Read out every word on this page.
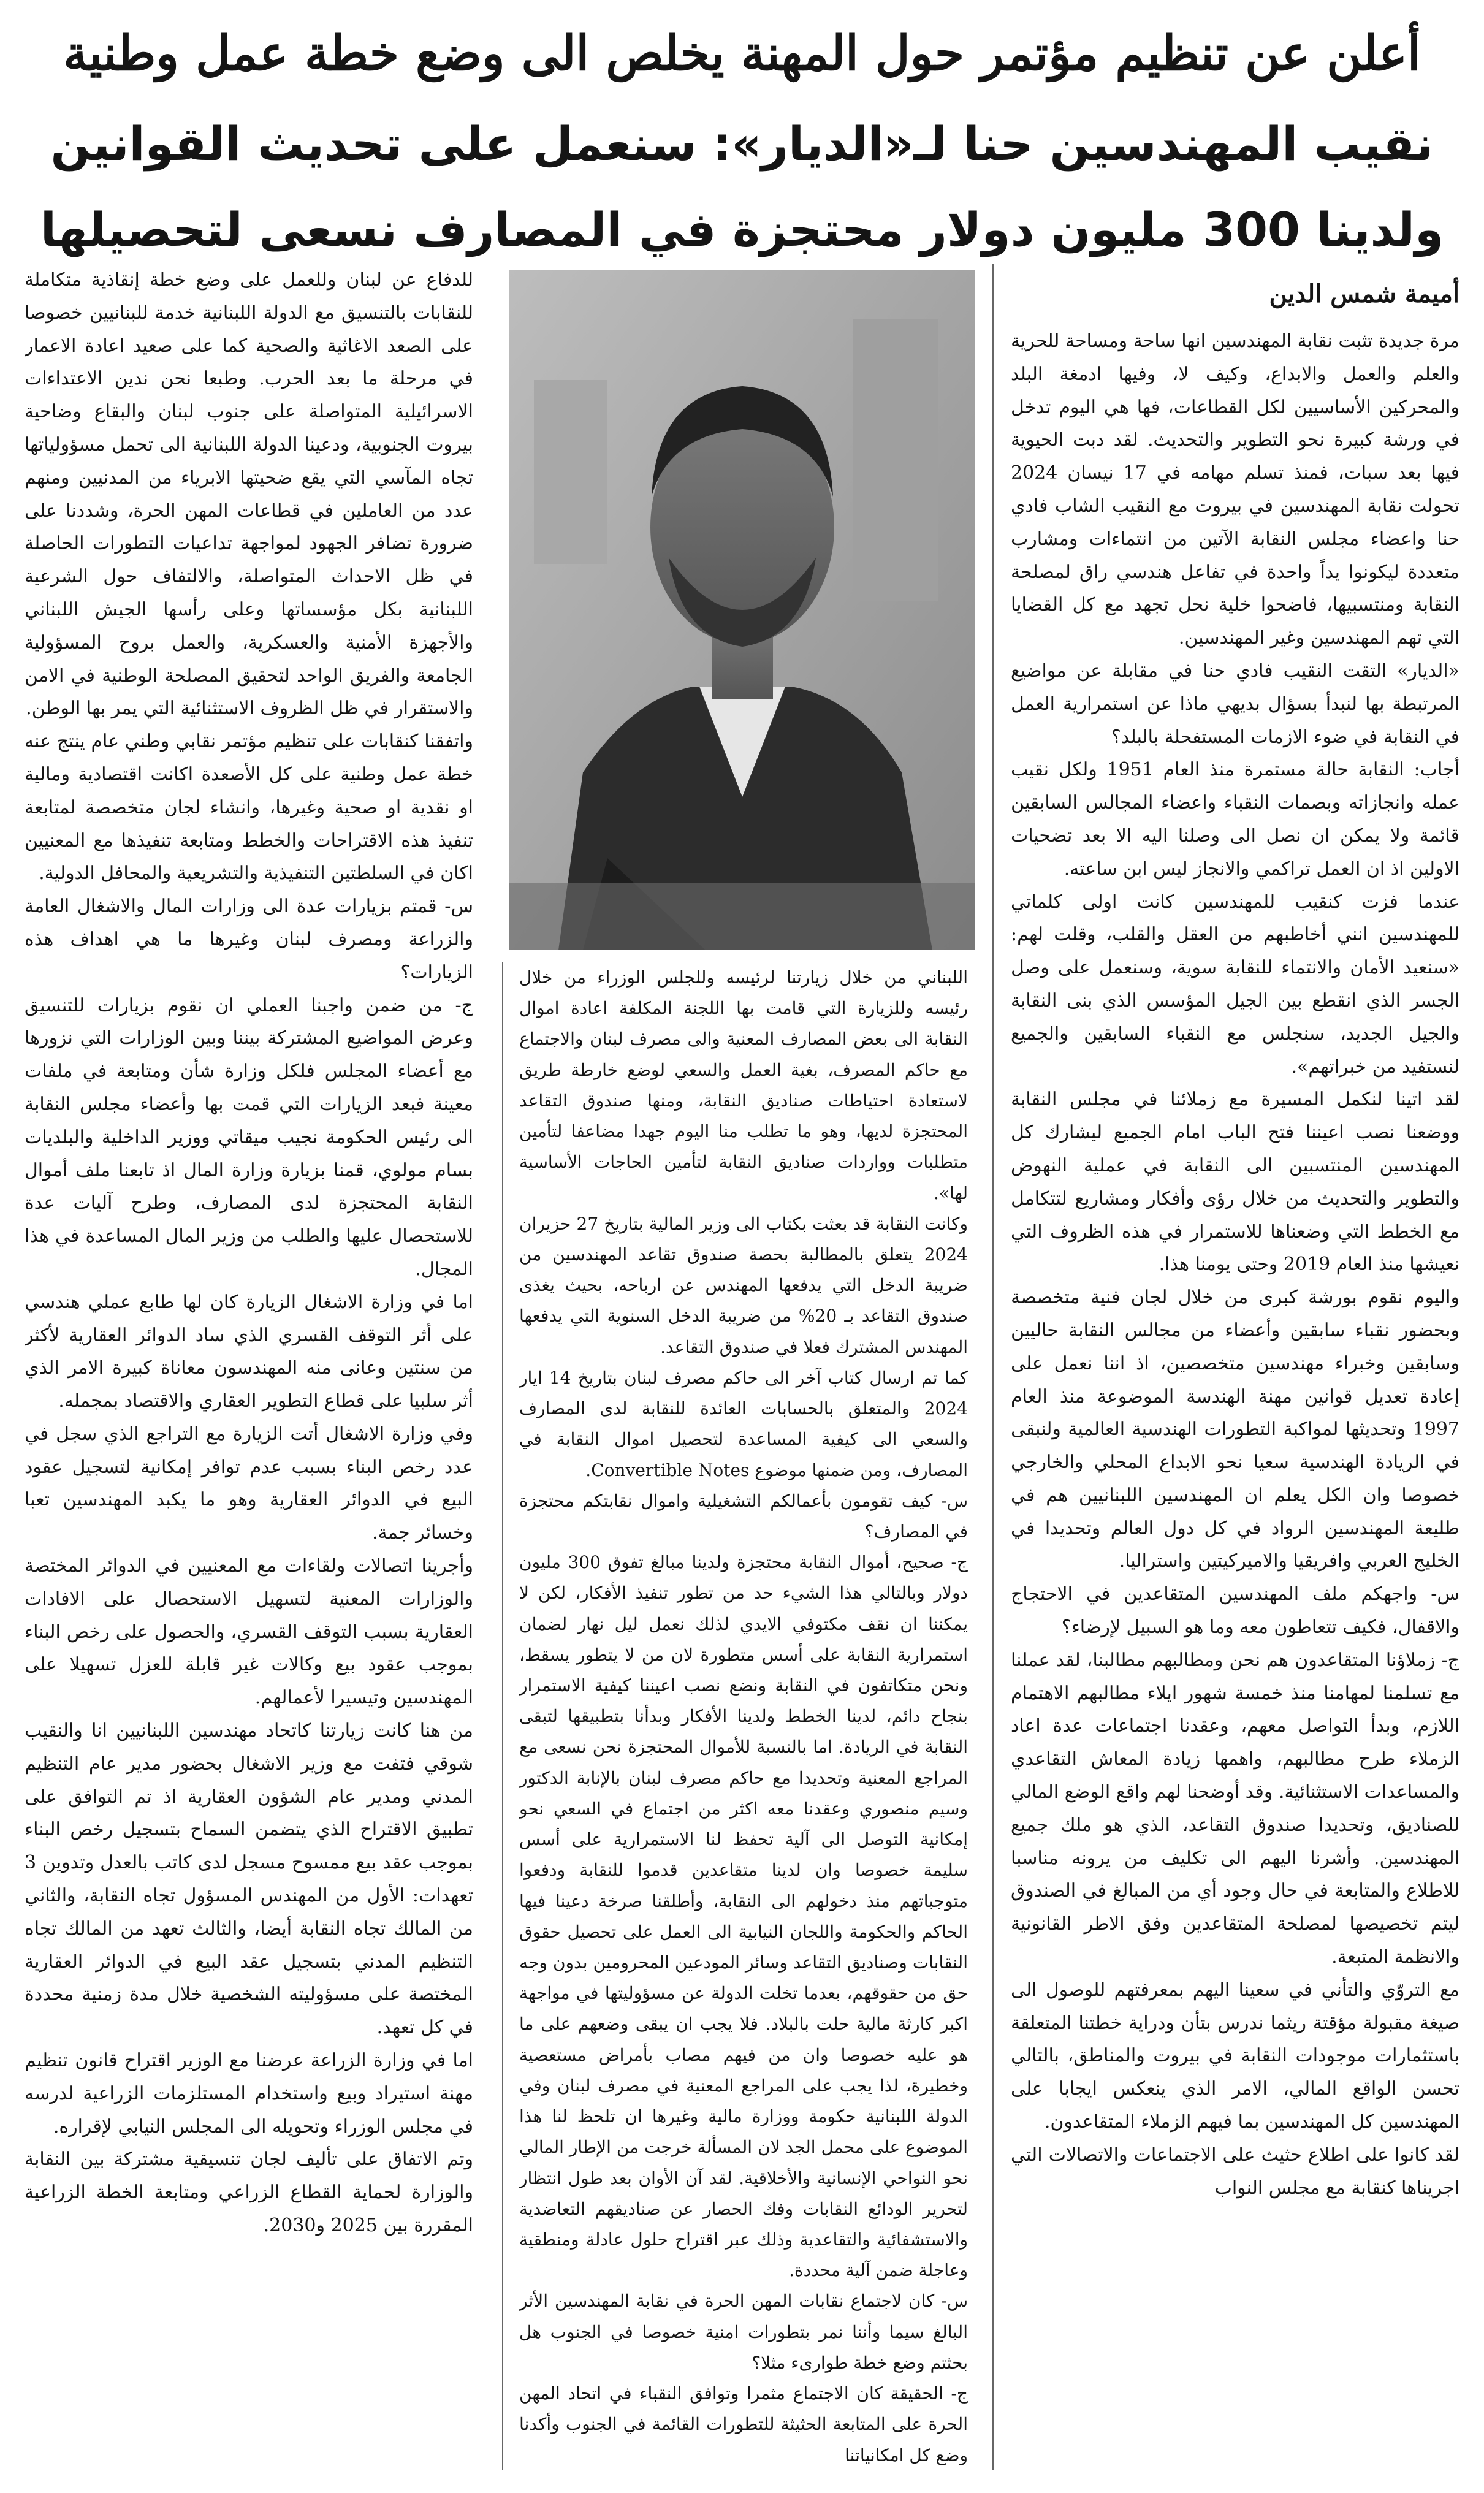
أعلن عن تنظيم مؤتمر حول المهنة يخلص الى وضع خطة عمل وطنية
نقيب المهندسين حنا لـ«الديار»: سنعمل على تحديث القوانين
ولدينا 300 مليون دولار محتجزة في المصارف نسعى لتحصيلها
أميمة شمس الدين

مرة جديدة تثبت نقابة المهندسين انها ساحة ومساحة للحرية والعلم والعمل والابداع، وكيف لا، وفيها ادمغة البلد والمحركين الأساسيين لكل القطاعات، فها هي اليوم تدخل في ورشة كبيرة نحو التطوير والتحديث. لقد دبت الحيوية فيها بعد سبات، فمنذ تسلم مهامه في 17 نيسان 2024 تحولت نقابة المهندسين في بيروت مع النقيب الشاب فادي حنا واعضاء مجلس النقابة الآتين من انتماءات ومشارب متعددة ليكونوا يداً واحدة في تفاعل هندسي راق لمصلحة النقابة ومنتسبيها، فاضحوا خلية نحل تجهد مع كل القضايا التي تهم المهندسين وغير المهندسين.

«الديار» التقت النقيب فادي حنا في مقابلة عن مواضيع المرتبطة بها لنبدأ بسؤال بديهي ماذا عن استمرارية العمل في النقابة في ضوء الازمات المستفحلة بالبلد؟

أجاب: النقابة حالة مستمرة منذ العام 1951 ولكل نقيب عمله وانجازاته وبصمات النقباء واعضاء المجالس السابقين قائمة ولا يمكن ان نصل الى وصلنا اليه الا بعد تضحيات الاولين اذ ان العمل تراكمي والانجاز ليس ابن ساعته.

عندما فزت كنقيب للمهندسين كانت اولى كلماتي للمهندسين انني أخاطبهم من العقل والقلب، وقلت لهم: «سنعيد الأمان والانتماء للنقابة سوية، وسنعمل على وصل الجسر الذي انقطع بين الجيل المؤسس الذي بنى النقابة والجيل الجديد، سنجلس مع النقباء السابقين والجميع لنستفيد من خبراتهم».

لقد اتينا لنكمل المسيرة مع زملائنا في مجلس النقابة ووضعنا نصب اعيننا فتح الباب امام الجميع ليشارك كل المهندسين المنتسبين الى النقابة في عملية النهوض والتطوير والتحديث من خلال رؤى وأفكار ومشاريع لتتكامل مع الخطط التي وضعناها للاستمرار في هذه الظروف التي نعيشها منذ العام 2019 وحتى يومنا هذا.

واليوم نقوم بورشة كبرى من خلال لجان فنية متخصصة وبحضور نقباء سابقين وأعضاء من مجالس النقابة حاليين وسابقين وخبراء مهندسين متخصصين، اذ اننا نعمل على إعادة تعديل قوانين مهنة الهندسة الموضوعة منذ العام 1997 وتحديثها لمواكبة التطورات الهندسية العالمية ولنبقى في الريادة الهندسية سعيا نحو الابداع المحلي والخارجي خصوصا وان الكل يعلم ان المهندسين اللبنانيين هم في طليعة المهندسين الرواد في كل دول العالم وتحديدا في الخليج العربي وافريقيا والاميركيتين واستراليا.

س- واجهكم ملف المهندسين المتقاعدين في الاحتجاج والاقفال، فكيف تتعاطون معه وما هو السبيل لإرضاء؟

ج- زملاؤنا المتقاعدون هم نحن ومطالبهم مطالبنا، لقد عملنا مع تسلمنا لمهامنا منذ خمسة شهور ايلاء مطالبهم الاهتمام اللازم، وبدأ التواصل معهم، وعقدنا اجتماعات عدة اعاد الزملاء طرح مطالبهم، واهمها زيادة المعاش التقاعدي والمساعدات الاستثنائية. وقد أوضحنا لهم واقع الوضع المالي للصناديق، وتحديدا صندوق التقاعد، الذي هو ملك جميع المهندسين. وأشرنا اليهم الى تكليف من يرونه مناسبا للاطلاع والمتابعة في حال وجود أي من المبالغ في الصندوق ليتم تخصيصها لمصلحة المتقاعدين وفق الاطر القانونية والانظمة المتبعة.

مع التروّي والتأني في سعينا اليهم بمعرفتهم للوصول الى صيغة مقبولة مؤقتة ريثما ندرس بتأن ودراية خطتنا المتعلقة باستثمارات موجودات النقابة في بيروت والمناطق، بالتالي تحسن الواقع المالي، الامر الذي ينعكس ايجابا على المهندسين كل المهندسين بما فيهم الزملاء المتقاعدون.

لقد كانوا على اطلاع حثيث على الاجتماعات والاتصالات التي اجريناها كنقابة مع مجلس النواب

اللبناني من خلال زيارتنا لرئيسه وللجلس الوزراء من خلال رئيسه وللزيارة التي قامت بها اللجنة المكلفة اعادة اموال النقابة الى بعض المصارف المعنية والى مصرف لبنان والاجتماع مع حاكم المصرف، بغية العمل والسعي لوضع خارطة طريق لاستعادة احتياطات صناديق النقابة، ومنها صندوق التقاعد المحتجزة لديها، وهو ما تطلب منا اليوم جهدا مضاعفا لتأمين متطلبات وواردات صناديق النقابة لتأمين الحاجات الأساسية لها».

وكانت النقابة قد بعثت بكتاب الى وزير المالية بتاريخ 27 حزيران 2024 يتعلق بالمطالبة بحصة صندوق تقاعد المهندسين من ضريبة الدخل التي يدفعها المهندس عن ارباحه، بحيث يغذى صندوق التقاعد بـ 20% من ضريبة الدخل السنوية التي يدفعها المهندس المشترك فعلا في صندوق التقاعد.

كما تم ارسال كتاب آخر الى حاكم مصرف لبنان بتاريخ 14 ايار 2024 والمتعلق بالحسابات العائدة للنقابة لدى المصارف والسعي الى كيفية المساعدة لتحصيل اموال النقابة في المصارف، ومن ضمنها موضوع Convertible Notes.

س- كيف تقومون بأعمالكم التشغيلية واموال نقابتكم محتجزة في المصارف؟

ج- صحيح، أموال النقابة محتجزة ولدينا مبالغ تفوق 300 مليون دولار وبالتالي هذا الشيء حد من تطور تنفيذ الأفكار، لكن لا يمكننا ان نقف مكتوفي الايدي لذلك نعمل ليل نهار لضمان استمرارية النقابة على أسس متطورة لان من لا يتطور يسقط، ونحن متكاتفون في النقابة ونضع نصب اعيننا كيفية الاستمرار بنجاح دائم، لدينا الخطط ولدينا الأفكار وبدأنا بتطبيقها لتبقى النقابة في الريادة. اما بالنسبة للأموال المحتجزة نحن نسعى مع المراجع المعنية وتحديدا مع حاكم مصرف لبنان بالإنابة الدكتور وسيم منصوري وعقدنا معه اكثر من اجتماع في السعي نحو إمكانية التوصل الى آلية تحفظ لنا الاستمرارية على أسس سليمة خصوصا وان لدينا متقاعدين قدموا للنقابة ودفعوا متوجباتهم منذ دخولهم الى النقابة، وأطلقنا صرخة دعينا فيها الحاكم والحكومة واللجان النيابية الى العمل على تحصيل حقوق النقابات وصناديق التقاعد وسائر المودعين المحرومين بدون وجه حق من حقوقهم، بعدما تخلت الدولة عن مسؤوليتها في مواجهة اكبر كارثة مالية حلت بالبلاد. فلا يجب ان يبقى وضعهم على ما هو عليه خصوصا وان من فيهم مصاب بأمراض مستعصية وخطيرة، لذا يجب على المراجع المعنية في مصرف لبنان وفي الدولة اللبنانية حكومة ووزارة مالية وغيرها ان تلحظ لنا هذا الموضوع على محمل الجد لان المسألة خرجت من الإطار المالي نحو النواحي الإنسانية والأخلاقية. لقد آن الأوان بعد طول انتظار لتحرير الودائع النقابات وفك الحصار عن صناديقهم التعاضدية والاستشفائية والتقاعدية وذلك عبر اقتراح حلول عادلة ومنطقية وعاجلة ضمن آلية محددة.

س- كان لاجتماع نقابات المهن الحرة في نقابة المهندسين الأثر البالغ سيما وأننا نمر بتطورات امنية خصوصا في الجنوب هل بحثتم وضع خطة طوارىء مثلا؟

ج- الحقيقة كان الاجتماع مثمرا وتوافق النقباء في اتحاد المهن الحرة على المتابعة الحثيثة للتطورات القائمة في الجنوب وأكدنا وضع كل امكانياتنا

للدفاع عن لبنان وللعمل على وضع خطة إنقاذية متكاملة للنقابات بالتنسيق مع الدولة اللبنانية خدمة للبنانيين خصوصا على الصعد الاغاثية والصحية كما على صعيد اعادة الاعمار في مرحلة ما بعد الحرب. وطبعا نحن ندين الاعتداءات الاسرائيلية المتواصلة على جنوب لبنان والبقاع وضاحية بيروت الجنوبية، ودعينا الدولة اللبنانية الى تحمل مسؤولياتها تجاه المآسي التي يقع ضحيتها الابرياء من المدنيين ومنهم عدد من العاملين في قطاعات المهن الحرة، وشددنا على ضرورة تضافر الجهود لمواجهة تداعيات التطورات الحاصلة في ظل الاحداث المتواصلة، والالتفاف حول الشرعية اللبنانية بكل مؤسساتها وعلى رأسها الجيش اللبناني والأجهزة الأمنية والعسكرية، والعمل بروح المسؤولية الجامعة والفريق الواحد لتحقيق المصلحة الوطنية في الامن والاستقرار في ظل الظروف الاستثنائية التي يمر بها الوطن.

واتفقنا كنقابات على تنظيم مؤتمر نقابي وطني عام ينتج عنه خطة عمل وطنية على كل الأصعدة اكانت اقتصادية ومالية او نقدية او صحية وغيرها، وانشاء لجان متخصصة لمتابعة تنفيذ هذه الاقتراحات والخطط ومتابعة تنفيذها مع المعنيين اكان في السلطتين التنفيذية والتشريعية والمحافل الدولية.

س- قمتم بزيارات عدة الى وزارات المال والاشغال العامة والزراعة ومصرف لبنان وغيرها ما هي اهداف هذه الزيارات؟

ج- من ضمن واجبنا العملي ان نقوم بزيارات للتنسيق وعرض المواضيع المشتركة بيننا وبين الوزارات التي نزورها مع أعضاء المجلس فلكل وزارة شأن ومتابعة في ملفات معينة فبعد الزيارات التي قمت بها وأعضاء مجلس النقابة الى رئيس الحكومة نجيب ميقاتي ووزير الداخلية والبلديات بسام مولوي، قمنا بزيارة وزارة المال اذ تابعنا ملف أموال النقابة المحتجزة لدى المصارف، وطرح آليات عدة للاستحصال عليها والطلب من وزير المال المساعدة في هذا المجال.

اما في وزارة الاشغال الزيارة كان لها طابع عملي هندسي على أثر التوقف القسري الذي ساد الدوائر العقارية لأكثر من سنتين وعانى منه المهندسون معاناة كبيرة الامر الذي أثر سلبيا على قطاع التطوير العقاري والاقتصاد بمجمله.

وفي وزارة الاشغال أتت الزيارة مع التراجع الذي سجل في عدد رخص البناء بسبب عدم توافر إمكانية لتسجيل عقود البيع في الدوائر العقارية وهو ما يكبد المهندسين تعبا وخسائر جمة.

وأجرينا اتصالات ولقاءات مع المعنيين في الدوائر المختصة والوزارات المعنية لتسهيل الاستحصال على الافادات العقارية بسبب التوقف القسري، والحصول على رخص البناء بموجب عقود بيع وكالات غير قابلة للعزل تسهيلا على المهندسين وتيسيرا لأعمالهم.

من هنا كانت زيارتنا كاتحاد مهندسين اللبنانيين انا والنقيب شوقي فتفت مع وزير الاشغال بحضور مدير عام التنظيم المدني ومدير عام الشؤون العقارية اذ تم التوافق على تطبيق الاقتراح الذي يتضمن السماح بتسجيل رخص البناء بموجب عقد بيع ممسوح مسجل لدى كاتب بالعدل وتدوين 3 تعهدات: الأول من المهندس المسؤول تجاه النقابة، والثاني من المالك تجاه النقابة أيضا، والثالث تعهد من المالك تجاه التنظيم المدني بتسجيل عقد البيع في الدوائر العقارية المختصة على مسؤوليته الشخصية خلال مدة زمنية محددة في كل تعهد.

اما في وزارة الزراعة عرضنا مع الوزير اقتراح قانون تنظيم مهنة استيراد وبيع واستخدام المستلزمات الزراعية لدرسه في مجلس الوزراء وتحويله الى المجلس النيابي لإقراره.

وتم الاتفاق على تأليف لجان تنسيقية مشتركة بين النقابة والوزارة لحماية القطاع الزراعي ومتابعة الخطة الزراعية المقررة بين 2025 و2030.
